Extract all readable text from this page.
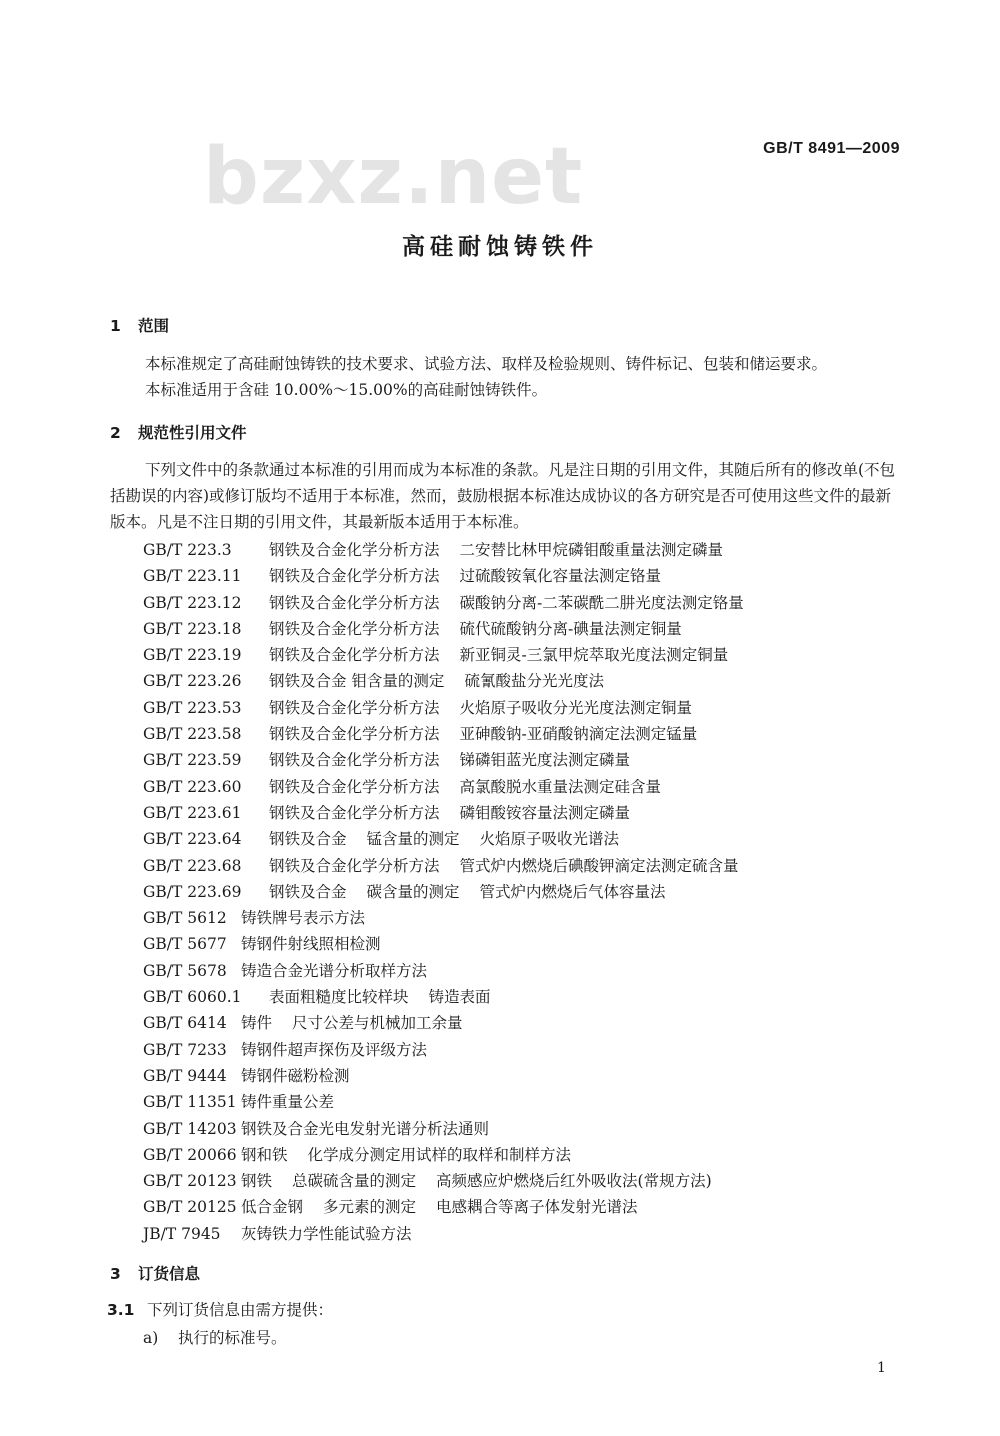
GB/T 8491—2009
bzxz.net
高硅耐蚀铸铁件
1 范围

本标准规定了高硅耐蚀铸铁的技术要求、试验方法、取样及检验规则、铸件标记、包装和储运要求。

本标准适用于含硅 10.00%～15.00%的高硅耐蚀铸铁件。

2 规范性引用文件

下列文件中的条款通过本标准的引用而成为本标准的条款。凡是注日期的引用文件，其随后所有的修改单(不包括勘误的内容)或修订版均不适用于本标准，然而，鼓励根据本标准达成协议的各方研究是否可使用这些文件的最新版本。凡是不注日期的引用文件，其最新版本适用于本标准。

GB/T 223.3 钢铁及合金化学分析方法 二安替比林甲烷磷钼酸重量法测定磷量
GB/T 223.11 钢铁及合金化学分析方法 过硫酸铵氧化容量法测定铬量
GB/T 223.12 钢铁及合金化学分析方法 碳酸钠分离-二苯碳酰二肼光度法测定铬量
GB/T 223.18 钢铁及合金化学分析方法 硫代硫酸钠分离-碘量法测定铜量
GB/T 223.19 钢铁及合金化学分析方法 新亚铜灵-三氯甲烷萃取光度法测定铜量
GB/T 223.26 钢铁及合金 钼含量的测定 硫氰酸盐分光光度法
GB/T 223.53 钢铁及合金化学分析方法 火焰原子吸收分光光度法测定铜量
GB/T 223.58 钢铁及合金化学分析方法 亚砷酸钠-亚硝酸钠滴定法测定锰量
GB/T 223.59 钢铁及合金化学分析方法 锑磷钼蓝光度法测定磷量
GB/T 223.60 钢铁及合金化学分析方法 高氯酸脱水重量法测定硅含量
GB/T 223.61 钢铁及合金化学分析方法 磷钼酸铵容量法测定磷量
GB/T 223.64 钢铁及合金 锰含量的测定 火焰原子吸收光谱法
GB/T 223.68 钢铁及合金化学分析方法 管式炉内燃烧后碘酸钾滴定法测定硫含量
GB/T 223.69 钢铁及合金 碳含量的测定 管式炉内燃烧后气体容量法
GB/T 5612 铸铁牌号表示方法
GB/T 5677 铸钢件射线照相检测
GB/T 5678 铸造合金光谱分析取样方法
GB/T 6060.1 表面粗糙度比较样块 铸造表面
GB/T 6414 铸件 尺寸公差与机械加工余量
GB/T 7233 铸钢件超声探伤及评级方法
GB/T 9444 铸钢件磁粉检测
GB/T 11351 铸件重量公差
GB/T 14203 钢铁及合金光电发射光谱分析法通则
GB/T 20066 钢和铁 化学成分测定用试样的取样和制样方法
GB/T 20123 钢铁 总碳硫含量的测定 高频感应炉燃烧后红外吸收法(常规方法)
GB/T 20125 低合金钢 多元素的测定 电感耦合等离子体发射光谱法
JB/T 7945 灰铸铁力学性能试验方法
3 订货信息
3.1 下列订货信息由需方提供：
a) 执行的标准号。
1
